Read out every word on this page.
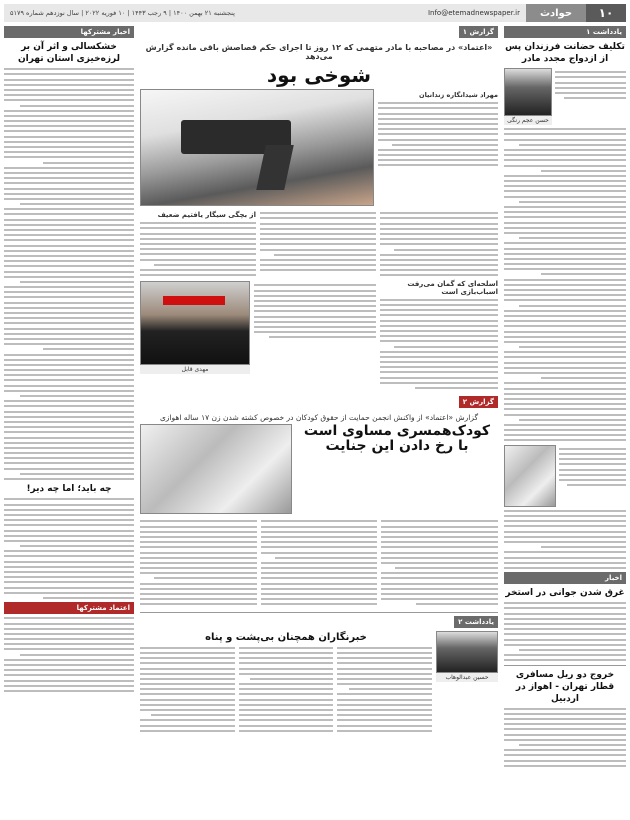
۱۰
حوادث
Info@etemadnewspaper.ir
پنجشنبه ۲۱ بهمن ۱۴۰۰ | ۹ رجب ۱۴۴۳ | ۱۰ فوریه ۲۰۲۲ | سال نوزدهم شماره ۵۱۷۹
یادداشت ۱
تکلیف حضانت فرزندان پس از ازدواج مجدد مادر
حسن عجم رنگی
اخبار
غرق شدن جوانی در استخر
خروج دو ریل مسافری قطار تهران - اهواز در اردبیل
گزارش ۱
«اعتماد» در مصاحبه با مادر متهمی که ۱۲ روز تا اجرای حکم قصاصش باقی مانده گزارش می‌دهد
شوخی بود
مهراد شیدانگاره زندانیان
اسلحه‌ای که گمان می‌رفت اسباب‌بازی است
از بچگی سیگار یافتیم ضعیف
مهدی قابل
گزارش ۲
گزارش «اعتماد» از واکنش انجمن حمایت از حقوق کودکان در خصوص کشته شدن زن ۱۷ ساله اهوازی
کودک‌همسری مساوی است
با رخ دادن این جنایت
یادداشت ۲
حسین عبدالوهاب
خبرنگاران همچنان بی‌پشت و پناه
اخبار مشترکها
خشکسالی و اثر آن بر لرزه‌خیزی استان تهران
چه باید؛ اما چه دیر!
اعتماد مشترکها
